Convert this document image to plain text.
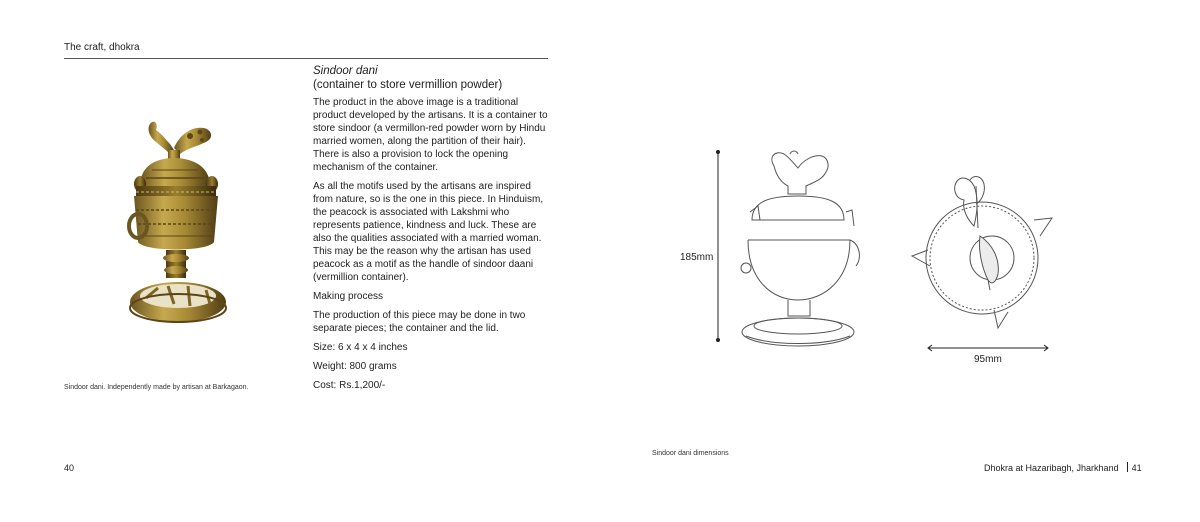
The craft, dhokra
Sindoor dani. Independently made by artisan at Barkagaon.
Sindoor dani
(container to store vermillion powder)

The product in the above image is a traditional product developed by the artisans. It is a container to store sindoor (a vermillon-red powder worn by Hindu married women, along the partition of their hair). There is also a provision to lock the opening mechanism of the container.

As all the motifs used by the artisans are inspired from nature, so is the one in this piece. In Hinduism, the peacock is associated with Lakshmi who represents patience, kindness and luck. These are also the qualities associated with a married woman. This may be the reason why the artisan has used peacock as a motif as the handle of sindoor daani (vermillion container).

Making process

The production of this piece may be done in two separate pieces; the container and the lid.

Size: 6 x 4 x 4 inches

Weight: 800 grams

Cost: Rs.1,200/-

40
185mm
95mm
Sindoor dani dimensions
Dhokra at Hazaribagh, Jharkhand 41
